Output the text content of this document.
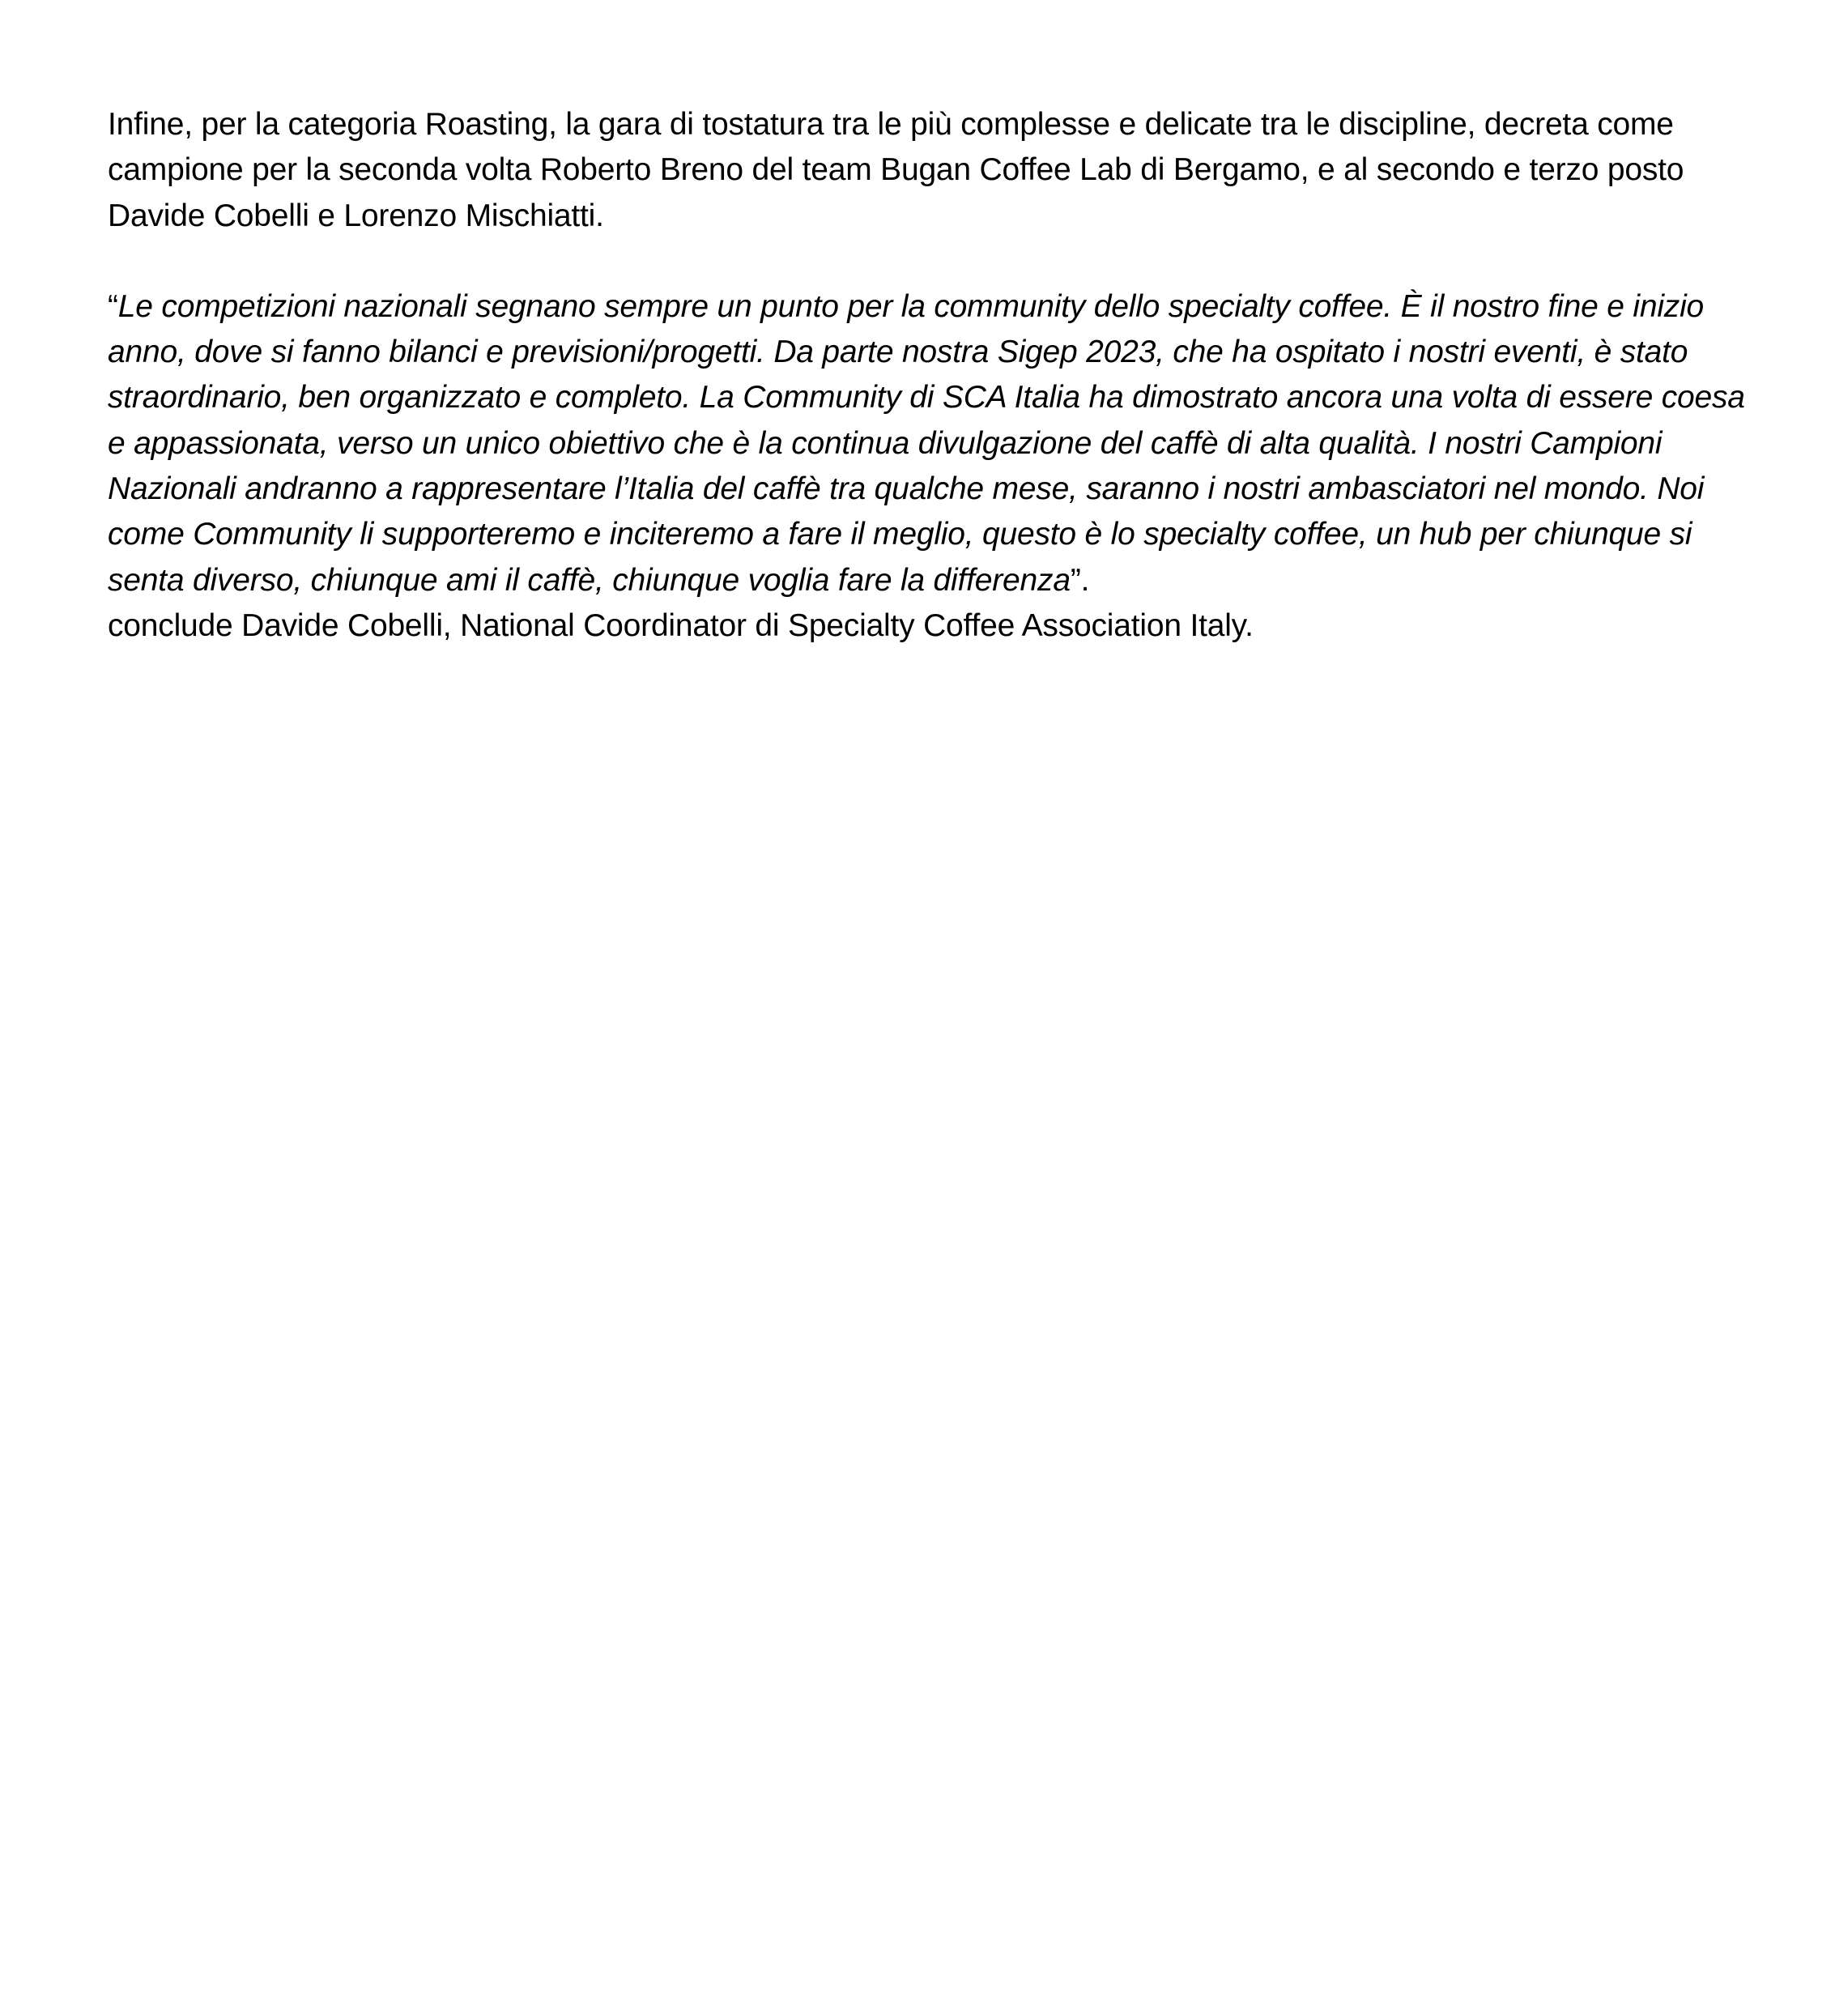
Infine, per la categoria Roasting, la gara di tostatura tra le più complesse e delicate tra le discipline, decreta come campione per la seconda volta Roberto Breno del team Bugan Coffee Lab di Bergamo, e al secondo e terzo posto Davide Cobelli e Lorenzo Mischiatti.

“Le competizioni nazionali segnano sempre un punto per la community dello specialty coffee. È il nostro fine e inizio anno, dove si fanno bilanci e previsioni/progetti. Da parte nostra Sigep 2023, che ha ospitato i nostri eventi, è stato straordinario, ben organizzato e completo. La Community di SCA Italia ha dimostrato ancora una volta di essere coesa e appassionata, verso un unico obiettivo che è la continua divulgazione del caffè di alta qualità. I nostri Campioni Nazionali andranno a rappresentare l’Italia del caffè tra qualche mese, saranno i nostri ambasciatori nel mondo. Noi come Community li supporteremo e inciteremo a fare il meglio, questo è lo specialty coffee, un hub per chiunque si senta diverso, chiunque ami il caffè, chiunque voglia fare la differenza”.

conclude Davide Cobelli, National Coordinator di Specialty Coffee Association Italy.
